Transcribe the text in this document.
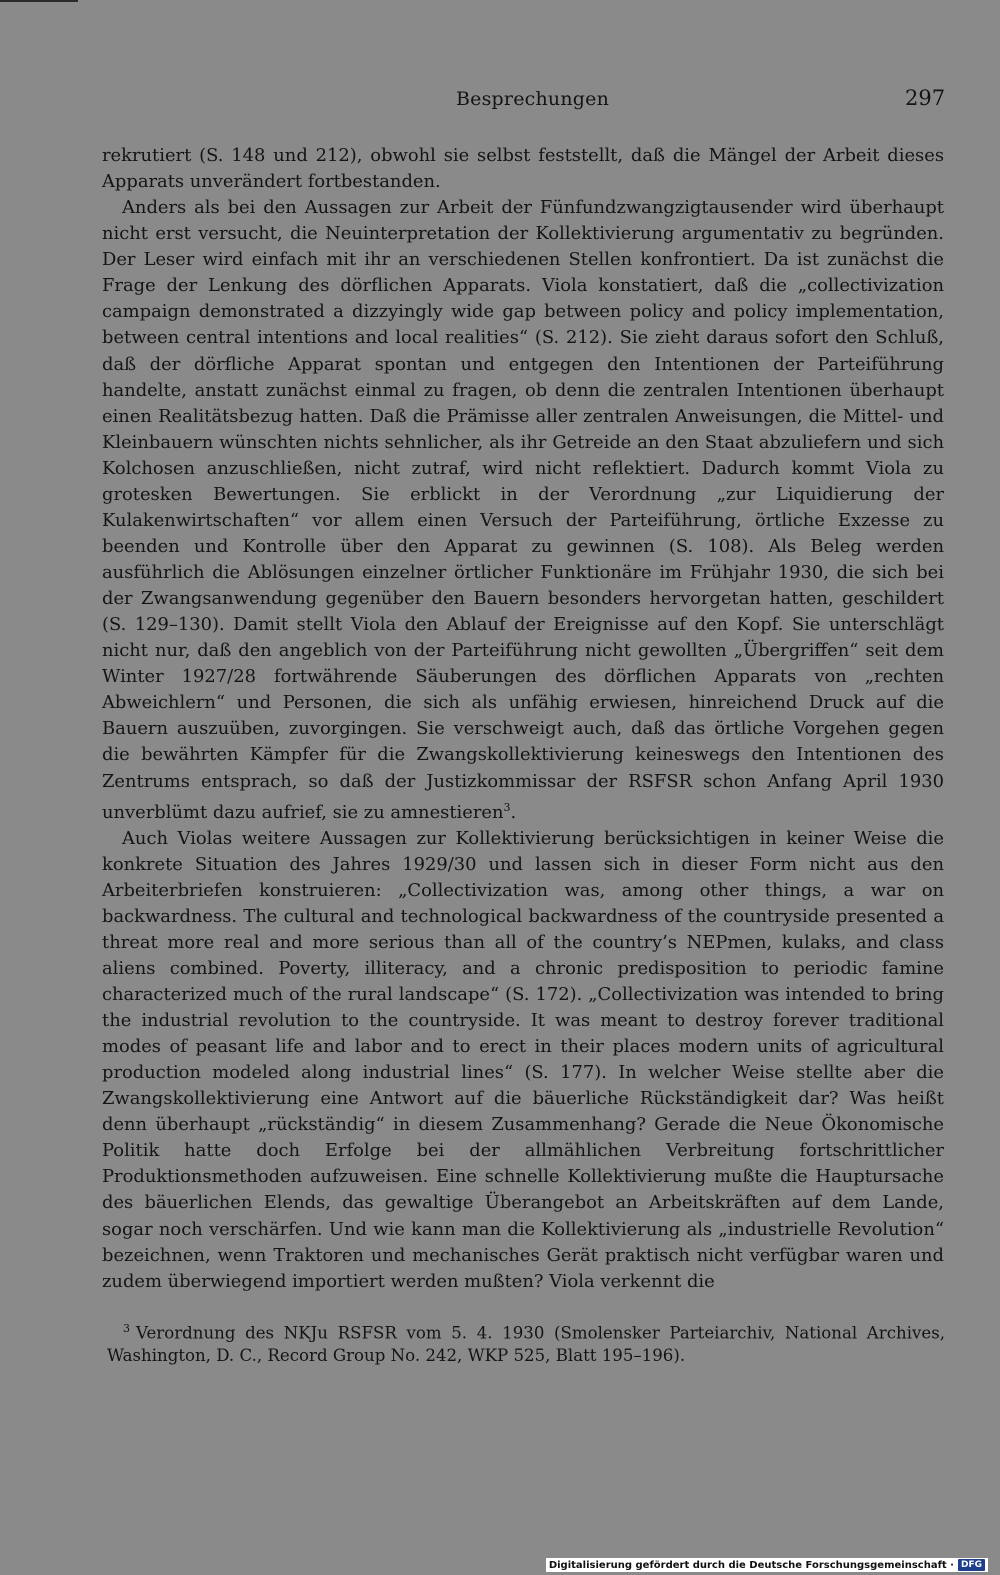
Besprechungen	297

rekrutiert (S. 148 und 212), obwohl sie selbst feststellt, daß die Mängel der Arbeit dieses Apparats unverändert fortbestanden.

Anders als bei den Aussagen zur Arbeit der Fünfundzwangzigtausender wird überhaupt nicht erst versucht, die Neuinterpretation der Kollektivierung argumentativ zu begründen. Der Leser wird einfach mit ihr an verschiedenen Stellen konfrontiert. Da ist zunächst die Frage der Lenkung des dörflichen Apparats. Viola konstatiert, daß die „collectivization campaign demonstrated a dizzyingly wide gap between policy and policy implementation, between central intentions and local realities“ (S. 212). Sie zieht daraus sofort den Schluß, daß der dörfliche Apparat spontan und entgegen den Intentionen der Parteiführung handelte, anstatt zunächst einmal zu fragen, ob denn die zentralen Intentionen überhaupt einen Realitätsbezug hatten. Daß die Prämisse aller zentralen Anweisungen, die Mittel- und Kleinbauern wünschten nichts sehnlicher, als ihr Getreide an den Staat abzuliefern und sich Kolchosen anzuschließen, nicht zutraf, wird nicht reflektiert. Dadurch kommt Viola zu grotesken Bewertungen. Sie erblickt in der Verordnung „zur Liquidierung der Kulakenwirtschaften“ vor allem einen Versuch der Parteiführung, örtliche Exzesse zu beenden und Kontrolle über den Apparat zu gewinnen (S. 108). Als Beleg werden ausführlich die Ablösungen einzelner örtlicher Funktionäre im Frühjahr 1930, die sich bei der Zwangsanwendung gegenüber den Bauern besonders hervorgetan hatten, geschildert (S. 129–130). Damit stellt Viola den Ablauf der Ereignisse auf den Kopf. Sie unterschlägt nicht nur, daß den angeblich von der Parteiführung nicht gewollten „Übergriffen“ seit dem Winter 1927/28 fortwährende Säuberungen des dörflichen Apparats von „rechten Abweichlern“ und Personen, die sich als unfähig erwiesen, hinreichend Druck auf die Bauern auszuüben, zuvorgingen. Sie verschweigt auch, daß das örtliche Vorgehen gegen die bewährten Kämpfer für die Zwangskollektivierung keineswegs den Intentionen des Zentrums entsprach, so daß der Justizkommissar der RSFSR schon Anfang April 1930 unverblümt dazu aufrief, sie zu amnestieren$^3$.

Auch Violas weitere Aussagen zur Kollektivierung berücksichtigen in keiner Weise die konkrete Situation des Jahres 1929/30 und lassen sich in dieser Form nicht aus den Arbeiterbriefen konstruieren: „Collectivization was, among other things, a war on backwardness. The cultural and technological backwardness of the countryside presented a threat more real and more serious than all of the country’s NEPmen, kulaks, and class aliens combined. Poverty, illiteracy, and a chronic predisposition to periodic famine characterized much of the rural landscape“ (S. 172). „Collectivization was intended to bring the industrial revolution to the countryside. It was meant to destroy forever traditional modes of peasant life and labor and to erect in their places modern units of agricultural production modeled along industrial lines“ (S. 177). In welcher Weise stellte aber die Zwangskollektivierung eine Antwort auf die bäuerliche Rückständigkeit dar? Was heißt denn überhaupt „rückständig“ in diesem Zusammenhang? Gerade die Neue Ökonomische Politik hatte doch Erfolge bei der allmählichen Verbreitung fortschrittlicher Produktionsmethoden aufzuweisen. Eine schnelle Kollektivierung mußte die Hauptursache des bäuerlichen Elends, das gewaltige Überangebot an Arbeitskräften auf dem Lande, sogar noch verschärfen. Und wie kann man die Kollektivierung als „industrielle Revolution“ bezeichnen, wenn Traktoren und mechanisches Gerät praktisch nicht verfügbar waren und zudem überwiegend importiert werden mußten? Viola verkennt die

$^3$ Verordnung des NKJu RSFSR vom 5. 4. 1930 (Smolensker Parteiarchiv, National Archives, Washington, D. C., Record Group No. 242, WKP 525, Blatt 195–196).
Digitalisierung gefördert durch die Deutsche Forschungsgemeinschaft · DFG
